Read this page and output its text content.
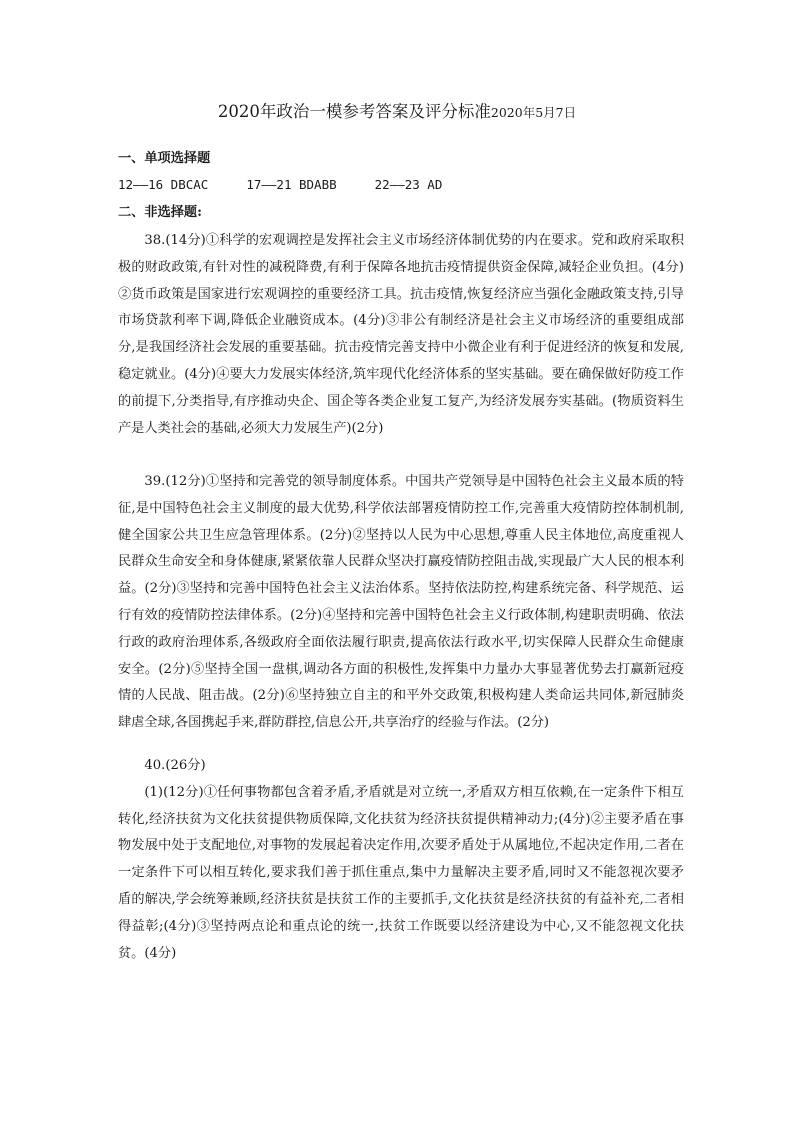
2020年政治一模参考答案及评分标准2020年5月7日
一、单项选择题
12——16 DBCAC	17——21 BDABB	22——23 AD
二、非选择题:

38.(14分)①科学的宏观调控是发挥社会主义市场经济体制优势的内在要求。党和政府采取积极的财政政策,有针对性的减税降费,有利于保障各地抗击疫情提供资金保障,减轻企业负担。(4分)②货币政策是国家进行宏观调控的重要经济工具。抗击疫情,恢复经济应当强化金融政策支持,引导市场贷款利率下调,降低企业融资成本。(4分)③非公有制经济是社会主义市场经济的重要组成部分,是我国经济社会发展的重要基础。抗击疫情完善支持中小微企业有利于促进经济的恢复和发展,稳定就业。(4分)④要大力发展实体经济,筑牢现代化经济体系的坚实基础。要在确保做好防疫工作的前提下,分类指导,有序推动央企、国企等各类企业复工复产,为经济发展夯实基础。(物质资料生产是人类社会的基础,必须大力发展生产)(2分)

39.(12分)①坚持和完善党的领导制度体系。中国共产党领导是中国特色社会主义最本质的特征,是中国特色社会主义制度的最大优势,科学依法部署疫情防控工作,完善重大疫情防控体制机制,健全国家公共卫生应急管理体系。(2分)②坚持以人民为中心思想,尊重人民主体地位,高度重视人民群众生命安全和身体健康,紧紧依靠人民群众坚决打赢疫情防控阻击战,实现最广大人民的根本利益。(2分)③坚持和完善中国特色社会主义法治体系。坚持依法防控,构建系统完备、科学规范、运行有效的疫情防控法律体系。(2分)④坚持和完善中国特色社会主义行政体制,构建职责明确、依法行政的政府治理体系,各级政府全面依法履行职责,提高依法行政水平,切实保障人民群众生命健康安全。(2分)⑤坚持全国一盘棋,调动各方面的积极性,发挥集中力量办大事显著优势去打赢新冠疫情的人民战、阻击战。(2分)⑥坚持独立自主的和平外交政策,积极构建人类命运共同体,新冠肺炎肆虐全球,各国携起手来,群防群控,信息公开,共享治疗的经验与作法。(2分)

40.(26分)

(1)(12分)①任何事物都包含着矛盾,矛盾就是对立统一,矛盾双方相互依赖,在一定条件下相互转化,经济扶贫为文化扶贫提供物质保障,文化扶贫为经济扶贫提供精神动力;(4分)②主要矛盾在事物发展中处于支配地位,对事物的发展起着决定作用,次要矛盾处于从属地位,不起决定作用,二者在一定条件下可以相互转化,要求我们善于抓住重点,集中力量解决主要矛盾,同时又不能忽视次要矛盾的解决,学会统筹兼顾,经济扶贫是扶贫工作的主要抓手,文化扶贫是经济扶贫的有益补充,二者相得益彰;(4分)③坚持两点论和重点论的统一,扶贫工作既要以经济建设为中心,又不能忽视文化扶贫。(4分)
